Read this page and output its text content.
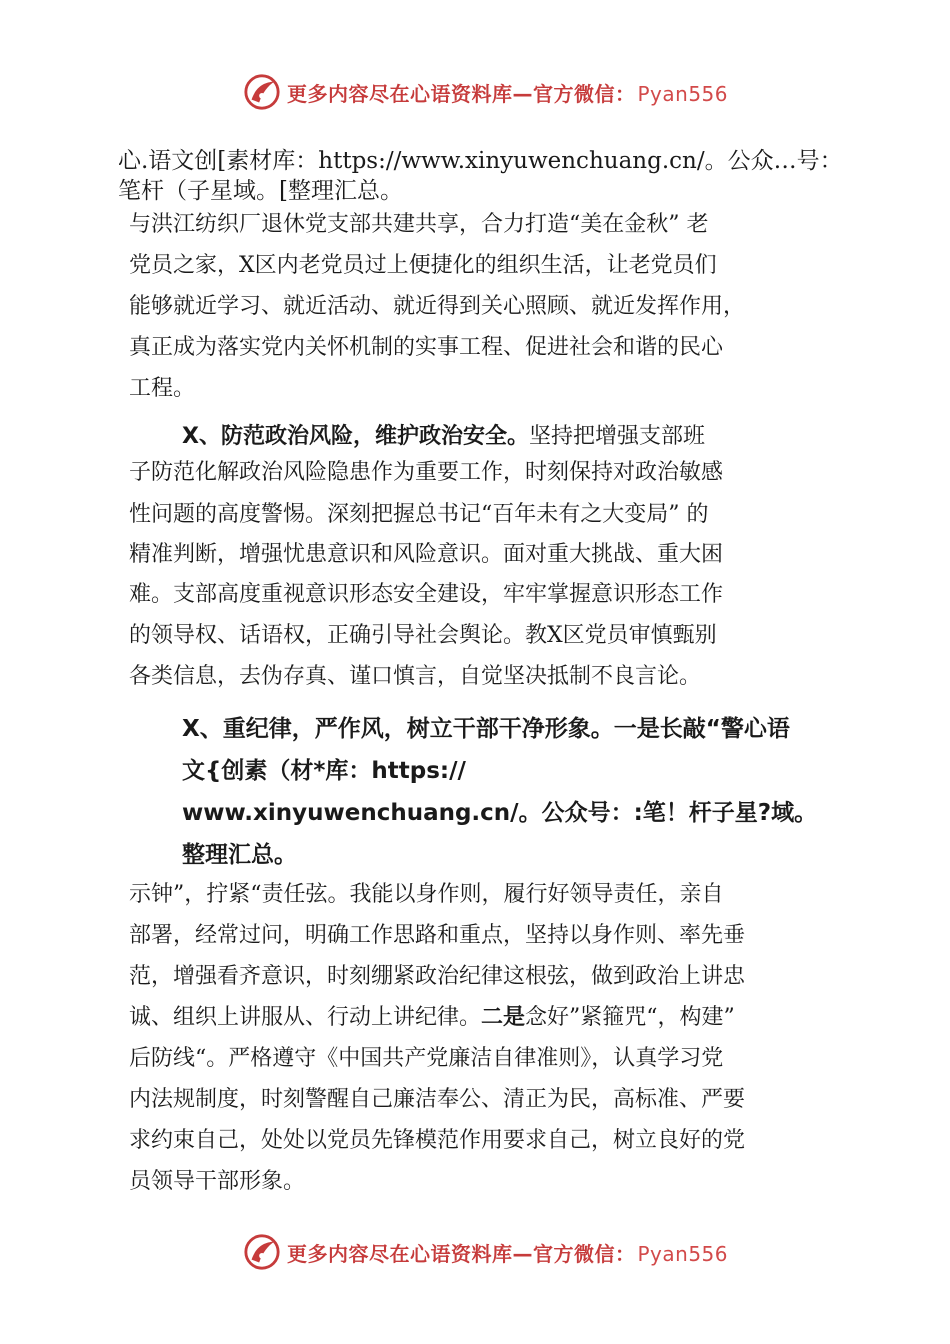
更多内容尽在心语资料库—官方微信： Pyan556
心.语文创[素材库：https://www.xinyuwenchuang.cn/。公众…号：
笔杆（子星域。[整理汇总。
与洪江纺织厂退休党支部共建共享，合力打造“美在金秋” 老
党员之家，X区内老党员过上便捷化的组织生活，让老党员们
能够就近学习、就近活动、就近得到关心照顾、就近发挥作用，
真正成为落实党内关怀机制的实事工程、促进社会和谐的民心
工程。
X、防范政治风险，维护政治安全。坚持把增强支部班
子防范化解政治风险隐患作为重要工作，时刻保持对政治敏感
性问题的高度警惕。深刻把握总书记“百年未有之大变局” 的
精准判断，增强忧患意识和风险意识。面对重大挑战、重大困
难。支部高度重视意识形态安全建设，牢牢掌握意识形态工作
的领导权、话语权，正确引导社会舆论。教X区党员审慎甄别
各类信息，去伪存真、谨口慎言，自觉坚决抵制不良言论。
X、重纪律，严作风，树立干部干净形象。一是长敲“警心语
文{创素（材*库：https://
www.xinyuwenchuang.cn/。公众号：:笔！杆子星?域。
整理汇总。
示钟”，拧紧“责任弦。我能以身作则，履行好领导责任，亲自
部署，经常过问，明确工作思路和重点，坚持以身作则、率先垂
范，增强看齐意识，时刻绷紧政治纪律这根弦，做到政治上讲忠
诚、组织上讲服从、行动上讲纪律。二是念好”紧箍咒“，构建”
后防线“。严格遵守《中国共产党廉洁自律准则》，认真学习党
内法规制度，时刻警醒自己廉洁奉公、清正为民，高标准、严要
求约束自己，处处以党员先锋模范作用要求自己，树立良好的党
员领导干部形象。
更多内容尽在心语资料库—官方微信： Pyan556
